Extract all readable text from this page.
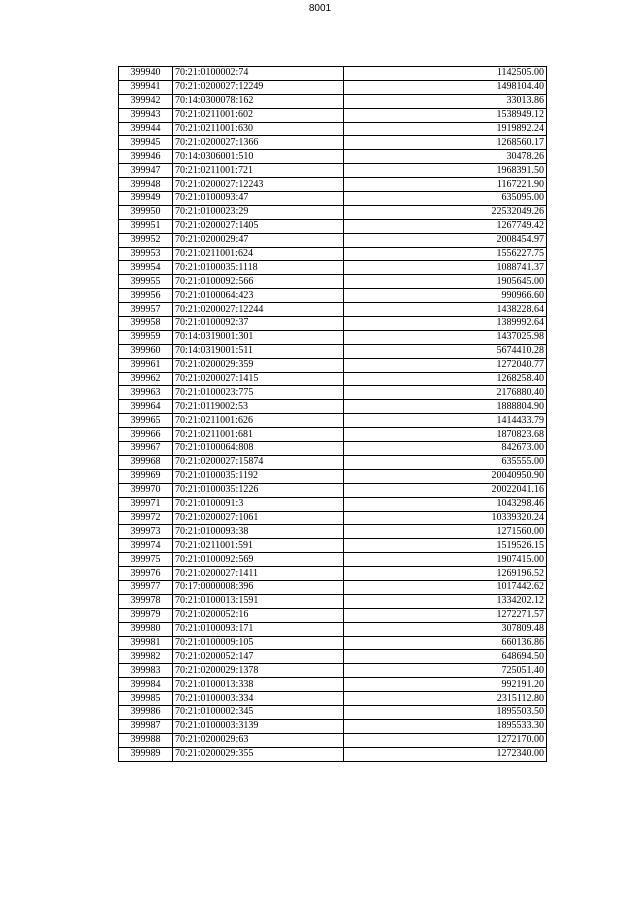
8001
399940	70:21:0100002:74	1142505.00
399941	70:21:0200027:12249	1498104.40
399942	70:14:0300078:162	33013.86
399943	70:21:0211001:602	1538949.12
399944	70:21:0211001:630	1919892.24
399945	70:21:0200027:1366	1268560.17
399946	70:14:0306001:510	30478.26
399947	70:21:0211001:721	1968391.50
399948	70:21:0200027:12243	1167221.90
399949	70:21:0100093:47	635095.00
399950	70:21:0100023:29	22532049.26
399951	70:21:0200027:1405	1267749.42
399952	70:21:0200029:47	2008454.97
399953	70:21:0211001:624	1556227.75
399954	70:21:0100035:1118	1088741.37
399955	70:21:0100092:566	1905645.00
399956	70:21:0100064:423	990966.60
399957	70:21:0200027:12244	1438228.64
399958	70:21:0100092:37	1389992.64
399959	70:14:0319001:301	1437025.98
399960	70:14:0319001:511	5674410.28
399961	70:21:0200029:359	1272040.77
399962	70:21:0200027:1415	1268258.40
399963	70:21:0100023:775	2176880.40
399964	70:21:0119002:53	1888804.90
399965	70:21:0211001:626	1414433.79
399966	70:21:0211001:681	1870823.68
399967	70:21:0100064:808	842673.00
399968	70:21:0200027:15874	635555.00
399969	70:21:0100035:1192	20040950.90
399970	70:21:0100035:1226	20022041.16
399971	70:21:0100091:3	1043298.46
399972	70:21:0200027:1061	10339320.24
399973	70:21:0100093:38	1271560.00
399974	70:21:0211001:591	1519526.15
399975	70:21:0100092:569	1907415.00
399976	70:21:0200027:1411	1269196.52
399977	70:17:0000008:396	1017442.62
399978	70:21:0100013:1591	1334202.12
399979	70:21:0200052:16	1272271.57
399980	70:21:0100093:171	307809.48
399981	70:21:0100009:105	660136.86
399982	70:21:0200052:147	648694.50
399983	70:21:0200029:1378	725051.40
399984	70:21:0100013:338	992191.20
399985	70:21:0100003:334	2315112.80
399986	70:21:0100002:345	1895503.50
399987	70:21:0100003:3139	1895533.30
399988	70:21:0200029:63	1272170.00
399989	70:21:0200029:355	1272340.00
